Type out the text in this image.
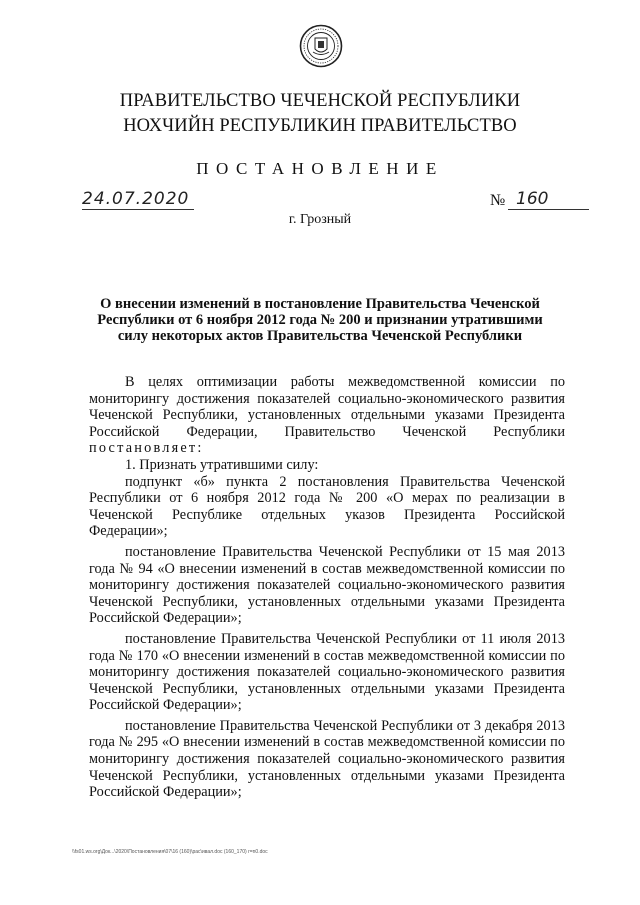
ПРАВИТЕЛЬСТВО ЧЕЧЕНСКОЙ РЕСПУБЛИКИ
НОХЧИЙН РЕСПУБЛИКИН ПРАВИТЕЛЬСТВО
ПОСТАНОВЛЕНИЕ
24.07.2020	№ 160
г. Грозный
О внесении изменений в постановление Правительства Чеченской Республики от 6 ноября 2012 года № 200 и признании утратившими силу некоторых актов Правительства Чеченской Республики

В целях оптимизации работы межведомственной комиссии по мониторингу достижения показателей социально-экономического развития Чеченской Республики, установленных отдельными указами Президента Российской Федерации, Правительство Чеченской Республики постановляет:

1. Признать утратившими силу:

подпункт «б» пункта 2 постановления Правительства Чеченской Республики от 6 ноября 2012 года № 200 «О мерах по реализации в Чеченской Республике отдельных указов Президента Российской Федерации»;

постановление Правительства Чеченской Республики от 15 мая 2013 года № 94 «О внесении изменений в состав межведомственной комиссии по мониторингу достижения показателей социально-экономического развития Чеченской Республики, установленных отдельными указами Президента Российской Федерации»;

постановление Правительства Чеченской Республики от 11 июля 2013 года № 170 «О внесении изменений в состав межведомственной комиссии по мониторингу достижения показателей социально-экономического развития Чеченской Республики, установленных отдельными указами Президента Российской Федерации»;

постановление Правительства Чеченской Республики от 3 декабря 2013 года № 295 «О внесении изменений в состав межведомственной комиссии по мониторингу достижения показателей социально-экономического развития Чеченской Республики, установленных отдельными указами Президента Российской Федерации»;

\\fs01.ws.org\Док...\2020\Постановления\07\16 (160)\рас\ивал.doc (160_170) r=n0.doc
